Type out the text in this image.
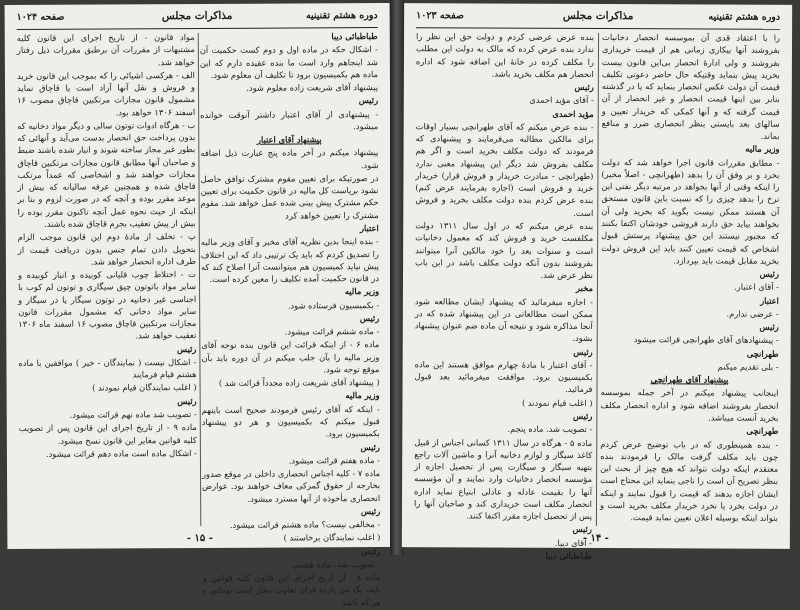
دوره هشتم تقنینیه
مذاکرات مجلس
صفحه ۱۰۲۴

طباطبائی دیبا

- اشکال حکه در ماده اول و دوم کست حکمیت آن شد اینجاهم وارد است ما بنده عقیده دارم که این ماده هم بکمیسیون برود تا تکلیف آن معلوم شود.

پیشنهاد آقای شریعت زاده معلوم شود.

رئیس

- پیشنهادی از آقای اعتبار داشتر آنوقت خوانده میشود.

پیشنهاد آقای اعتبار

پیشنهاد میکنم در آخر ماده پنج عبارت ذیل اضافه شود.

در صورتیکه برای تعیین مقوم مشترک توافق حاصل نشود بریاست کل مالیه در قانون حکمیت برای تعیین حکم مشترک پیش بینی شده عمل خواهد شد. مقوم مشترک را تعیین خواهد کرد

اعتبار

- بنده اینجا بدین نظریه آقای مخبر و آقای وزیر مالیه را تصدیق کردم که باید یک ترتیبی داد که این اختلاف پیش نیاید کمیسیون هم میتوانست آنرا اصلاح کند که در قانون حکمیت آمده تکلیف را معین کرده است.

وزیر مالیه

- بکمیسیون فرستاده شود.

رئیس

- ماده ششم قرائت میشود.

ماده ۶ - از اینکه قرائت این قانون بنده توجه آقای وزیر مالیه را بآن جلب میکنم در آن دوره باید بآن موقع توجه شود.

( پیشنهاد آقای شریعت زاده مجدداً قرائت شد )

وزیر مالیه

- اینکه که آقای رئیس فرمودند صحیح است باینهم قبول میکنم که بکمیسیون و هر دو پیشنهاد بکمیسیون برود.

رئیس

- ماده هفتم قرائت میشود.

ماده ۷ - کلیه اجناس انحصاری داخلی در موقع صدور بخارجه از حقوق گمرکی معاف خواهند بود. عوارض انحصاری مأخوذه از آنها مسترد میشود.

رئیس

- مخالفی نیست؟ ماده هشتم قرائت میشود.

( اغلب نمایندگان برخاستند )

رئیس

- تصویب شد. ماده هشتم.

ماده ۸ - از تاریخ اجرای این قانون کلیه قوانین و بایت یک من یازده قران تفاوت مجاز است تومانی و هر که باشد

مواد قانون - از تاریخ اجرای این قانون کلیه مشتبهات از مقررات آن برطبق مقررات ذیل رفتار خواهد شد.

الف - هرکسی اشیائی را که بموجب این قانون خرید و فروش و نقل آنها آزاد است یا قاچاق نماید مشمول قانون مجازات مرتکبین قاچاق مصوب ۱۶ اسفند ۱۳۰۶ خواهد بود.

ب - هرگاه ادوات توتون سالی و دیگر مواد دخانیه که بدون پرداخت حق انحصار بدست می‌آید و آنهائی که بطور غیر مجاز ساخته شوند و انبار شده باشند ضبط و صاحبان آنها مطابق قانون مجازات مرتکبین قاچاق مجازات خواهند شد و اشخاصی که عمداً مرتکب قاچاق شده و همچنین عرفه سالیانه که بیش از موعد مقرر بوده و آنچه که در صورت لزوم و بنا بر اینکه از حیث نحوه عمل آنچه تاکنون مقرر بوده را بیش از پیش تعقیب بجرم قاچاق شده باشند.

پ - تخلف از مادهٔ دوم این قانون موجب الزام بتحویل دادن تمام جنس بدون دریافت قیمت از طرف اداره انحصار خواهد شد.

ت - اختلاط چوب قلیانی کوبیده و انبار کوبیده و سایر مواد باتوتون چپق سیگاری و توتون لم کوب با اجناسی غیر دخانیه در توتون سیگار یا در سیگار و سایر مواد دخانی که مشمول مقررات قانون مجازات مرتکبین قاچاق مصوب ۱۶ اسفند ماه ۱۳۰۶ تعقیب خواهد شد.

رئیس

- اشکال نیست ( نمایندگان - خیر ) موافقین با ماده هشتم قیام فرمایند

( اغلب نمایندگان قیام نمودند )

رئیس

- تصویب شد ماده نهم قرائت میشود.

ماده ۹ - از تاریخ اجرای این قانون پس از تصویب کلیه قوانین مغایر این قانون نسخ میشود.

- اشکال ماده است ماده دهم قرائت میشود.

- ۱۵ -
دوره هشتم تقنینیه
مذاکرات مجلس
صفحه ۱۰۲۳

را با اعتقاد قدی آن بموسسه انحصار دخانیات بفروشند آنها بیکاری زمانی هم از قیمت خریداری بفروشند و ولی ادارهٔ انحصار بی‌این قانون بیست بخرید پیش بنماید وقتیکه حال حاضر دعوتی تکلیف قیمت آن دولت عکس انحصار بنماید که یا در گذشته بنابر بین اینها قیمت انحصار و غیر انحصار از آن قیمت گرفته که و آنها کمکی که خریدار تعیین و سالهای بعد بایستی بنظر انحصاری ضرر و منافع بماند.

وزیر مالیه

- مطابق مقررات قانون اجرا خواهد شد که دولت بخرد و بر وفق آن را بدهد (طهرانچی - اصلاً مخیر) را اینکه وقتی از آنها بخواهد در مرتبه دیگر نفتی این نرخ را بدهد چیزی را که نسبت باین قانون مستحق آن هستند ممکن نیست بگوید که بخرید ولی آن بخواهند بیاید حق دارند فروشی خودشان اکتفا بکنند که مجبور نیستند این حق پیشنهاد پرستش قبول اشخاص که قیمت تعیین کنند باید این فروش دولت بخرید مقابل قیمت باید بپردازد.

رئیس

- آقای اعتبار.

اعتبار

- عرضی ندارم.

رئیس

- پیشنهادهای آقای طهرانچی قرائت میشود

طهرانچی

- بلی تقدیم میکنم

پیشنهاد آقای طهرانچی

اینجانب پیشنهاد میکنم در آخر جمله بموسسه انحصار بفروشند اضافه شود و اداره انحصار مکلف بخرید آنست میباشد.

طهرانچی

- بنده همینطوری که در باب توضیح عرض کردم چون باید مکلف گرفت مالک را فرمودند بنده معتقدم اینکه دولت نتواند که هیچ چیز از بحث این بنظر تصریح آن است را ناجی بنماید این محتاج است ایشان اجازه بدهند که قیمت را قبول نمایند و اینکه در دولت بخرد یا نخرد خریدار مکلف بخرید است و بتواند اینکه بوسیله اعلان تعیین نماید قیمت.

بنده عرض عرضی کردم و دولت حق این نظر را ندارد بنده عرض کرده که مالک به دولت این مطلب را مکلف کرده در خانهٔ این اضافه شود که اداره انحصار هم مکلف بخرید باشد.

رئیس

- آقای مؤید احمدی

مؤید احمدی

- بنده عرض میکنم که آقای طهرانچی بسیار اوقات برای مالکین مطالبه می‌فرمایند و پیشنهادی که فرمودند که دولت مکلف بخرید است و اگر هم مکلف بفروش شد دیگر این پیشنهاد معنی ندارد (طهرانچی - مبادرت خریدار و فروش قرار) خریدار خرید و فروش است (اجازه بفرمایند عرض کنم) بنده عرض کردم بنده دولت مکلف بخرید و فروش است.

بنده عرض میکنم که در اول سال ۱۳۱۱ دولت مکلفست خرید و فروش کند که معمول دخانیات است و سنوات بعد را خود مالکین آنرا میتوانند بفروشند بدون آنکه دولت مکلف باشد در این باب نظر عرض شد.

مخبر

- اجازه میفرمائید که پیشنهاد ایشان مطالعه شود ممکن است مطالعاتی در این پیشنهاد شده که در آنجا مذاکره شود و نتیجه آن ماده ضم عنوان پیشنهاد بشود.

رئیس

- آقای اعتبار با مادهٔ چهارم موافق هستند این ماده بکمیسیون برود. موافقت میفرمائید بعد قبول فرمائید.

( اغلب قیام نمودند )

رئیس

- تصویب شد. ماده پنجم.

ماده ۵ - هرگاه در سال ۱۳۱۱ کسانی اجناس از قبیل کاغذ سیگار و لوازم دخانیه آنرا و ماشین آلات راجع بتهیه سیگار و سیگارت پس از تحصیل اجازه از مؤسسه انحصار دخانیات وارد نمایند و آن مؤسسه آنها را بقیمت عادله و عادلی ابتیاع نماید اداره انحصار مکلف است خریداری کند و صاحبان آنها را پس از تحصیل اجازه مقرر اکتفا کنند.

رئیس

- آقای دیبا.

طباطبائی دیبا

- ۱۴ -
